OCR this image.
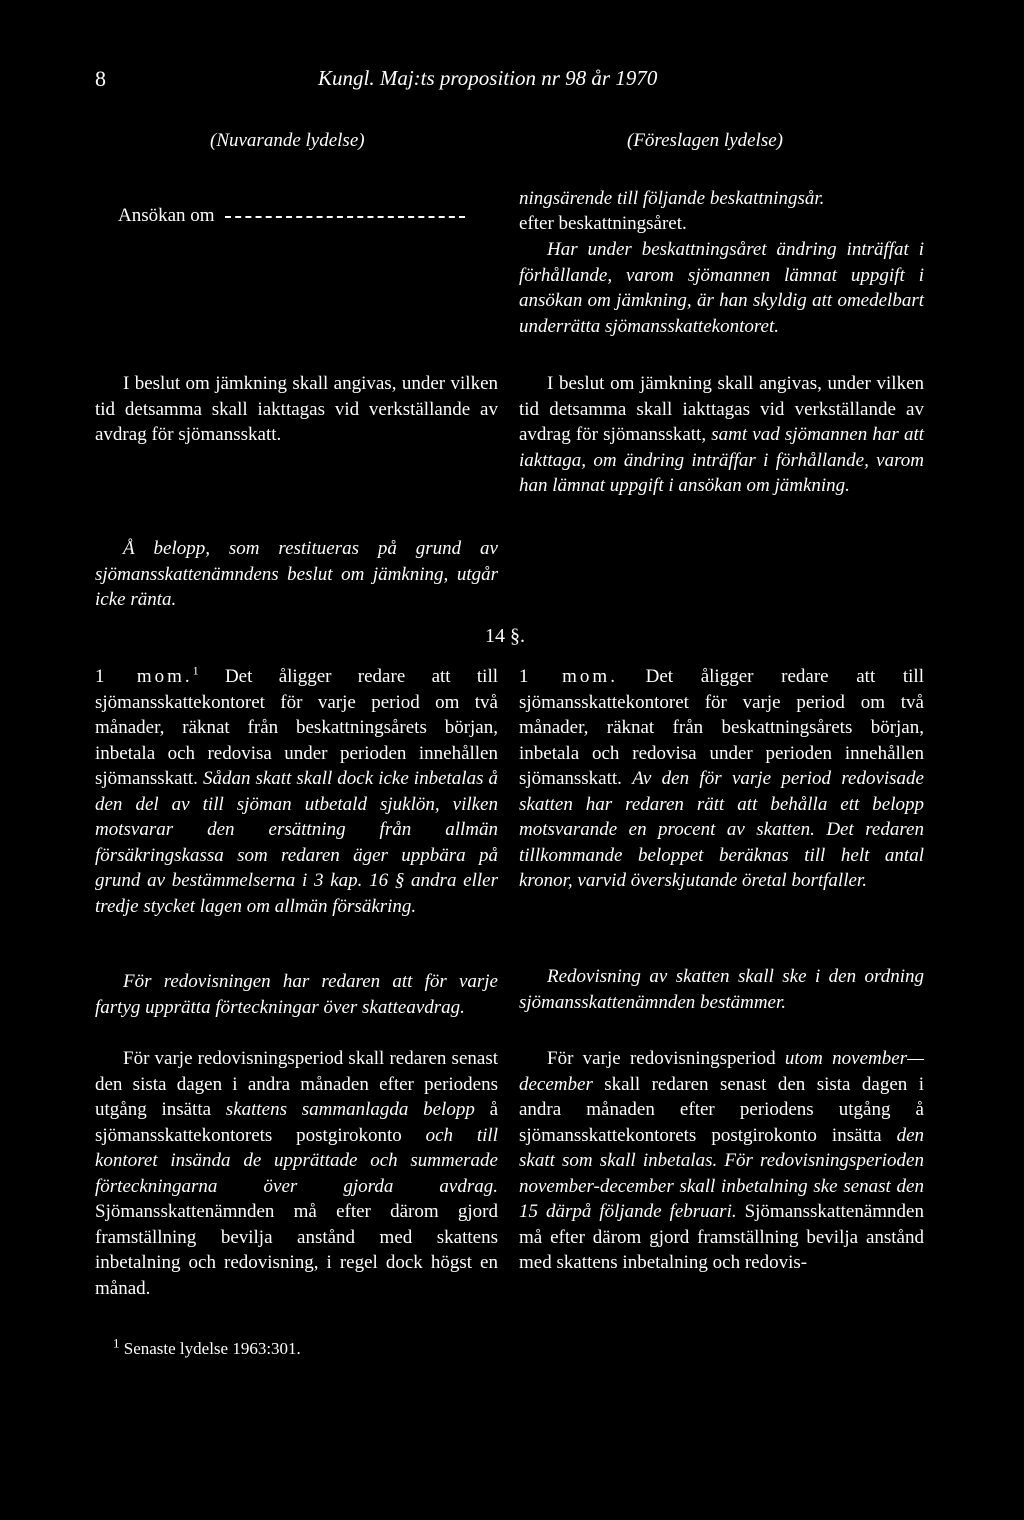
8	Kungl. Maj:ts proposition nr 98 år 1970
(Nuvarande lydelse)	(Föreslagen lydelse)
Ansökan om

I beslut om jämkning skall angivas, under vilken tid detsamma skall iakttagas vid verkställande av avdrag för sjömansskatt.

Å belopp, som restitueras på grund av sjömansskattenämndens beslut om jämkning, utgår icke ränta.

1 mom.$^1$ Det åligger redare att till sjömansskattekontoret för varje period om två månader, räknat från beskattningsårets början, inbetala och redovisa under perioden innehållen sjömansskatt. Sådan skatt skall dock icke inbetalas å den del av till sjöman utbetald sjuklön, vilken motsvarar den ersättning från allmän försäkringskassa som redaren äger uppbära på grund av bestämmelserna i 3 kap. 16 § andra eller tredje stycket lagen om allmän försäkring.

För redovisningen har redaren att för varje fartyg upprätta förteckningar över skatteavdrag.

För varje redovisningsperiod skall redaren senast den sista dagen i andra månaden efter periodens utgång insätta skattens sammanlagda belopp å sjömansskattekontorets postgirokonto och till kontoret insända de upprättade och summerade förteckningarna över gjorda avdrag. Sjömansskattenämnden må efter därom gjord framställning bevilja anstånd med skattens inbetalning och redovisning, i regel dock högst en månad.

ningsärende till följande beskattningsår.

efter beskattningsåret.

Har under beskattningsåret ändring inträffat i förhållande, varom sjömannen lämnat uppgift i ansökan om jämkning, är han skyldig att omedelbart underrätta sjömansskattekontoret.

I beslut om jämkning skall angivas, under vilken tid detsamma skall iakttagas vid verkställande av avdrag för sjömansskatt, samt vad sjömannen har att iakttaga, om ändring inträffar i förhållande, varom han lämnat uppgift i ansökan om jämkning.

14 §.

1 mom. Det åligger redare att till sjömansskattekontoret för varje period om två månader, räknat från beskattningsårets början, inbetala och redovisa under perioden innehållen sjömansskatt. Av den för varje period redovisade skatten har redaren rätt att behålla ett belopp motsvarande en procent av skatten. Det redaren tillkommande beloppet beräknas till helt antal kronor, varvid överskjutande öretal bortfaller.

Redovisning av skatten skall ske i den ordning sjömansskattenämnden bestämmer.

För varje redovisningsperiod utom november—december skall redaren senast den sista dagen i andra månaden efter periodens utgång å sjömansskattekontorets postgirokonto insätta den skatt som skall inbetalas. För redovisningsperioden november-december skall inbetalning ske senast den 15 därpå följande februari. Sjömansskattenämnden må efter därom gjord framställning bevilja anstånd med skattens inbetalning och redovis-

$^1$ Senaste lydelse 1963:301.
